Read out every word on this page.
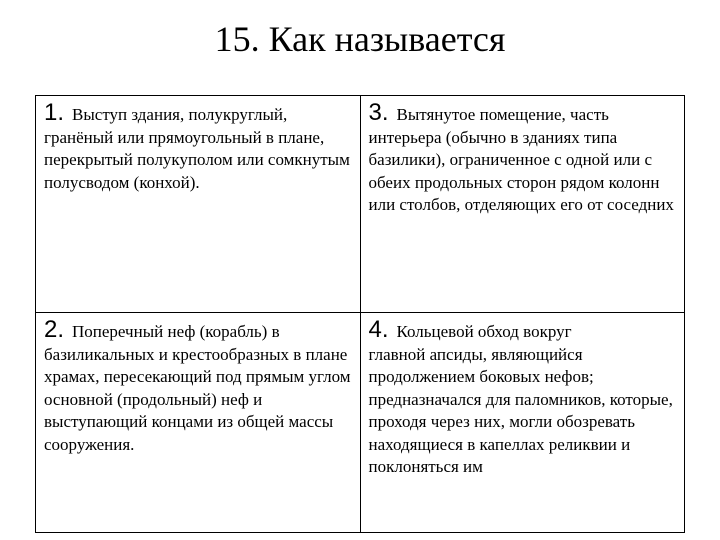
15. Как называется
1. Выступ здания, полукруглый,
гранёный или прямоугольный в плане, перекрытый полукуполом или сомкнутым полусводом (конхой).	3. Вытянутое помещение, часть
интерьера (обычно в зданиях типа базилики), ограниченное с одной или с обеих продольных сторон рядом колонн или столбов, отделяющих его от соседних
2. Поперечный неф (корабль) в
базиликальных и крестообразных в плане храмах, пересекающий под прямым углом основной (продольный) неф и выступающий концами из общей массы сооружения.	4. Кольцевой обход вокруг
главной апсиды, являющийся продолжением боковых нефов; предназначался для паломников, которые, проходя через них, могли обозревать находящиеся в капеллах реликвии и поклоняться им
